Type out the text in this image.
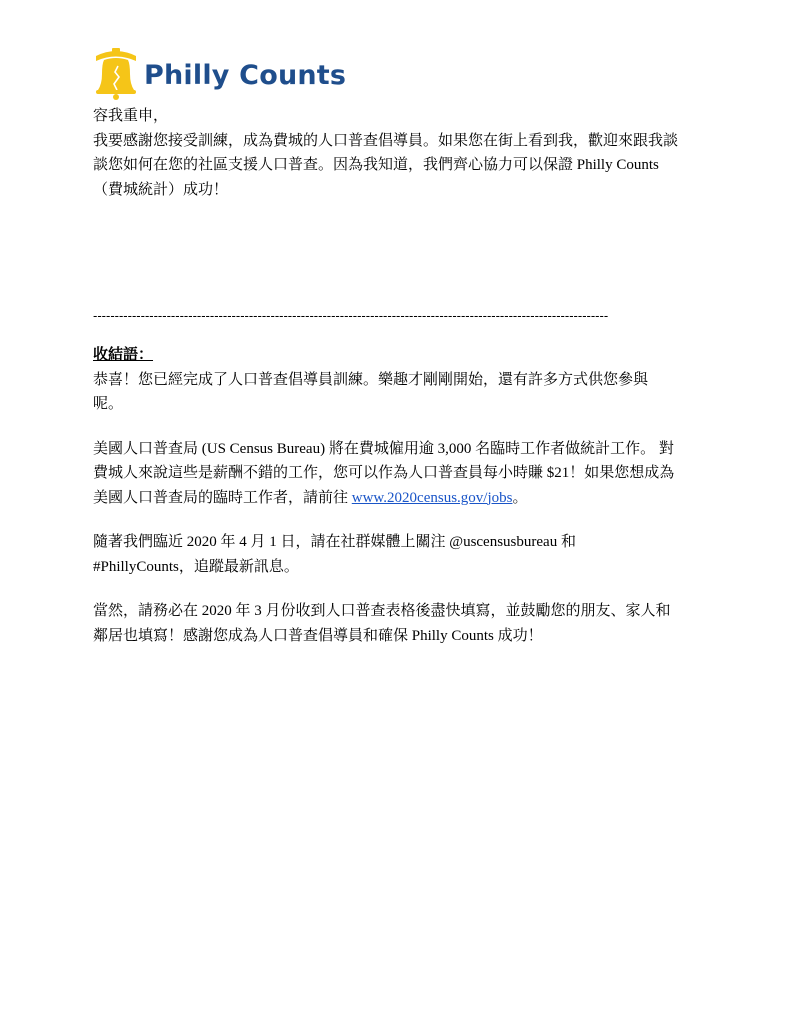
Philly Counts
容我重申，
我要感謝您接受訓練，成為費城的人口普查倡導員。如果您在街上看到我，歡迎來跟我談
談您如何在您的社區支援人口普查。因為我知道，我們齊心協力可以保證 Philly Counts
（費城統計）成功！
-----------------------------------------------------------------------------------------------------------------------
收結語：
恭喜！您已經完成了人口普查倡導員訓練。樂趣才剛剛開始，還有許多方式供您參與
呢。
美國人口普查局 (US Census Bureau) 將在費城僱用逾 3,000 名臨時工作者做統計工作。 對
費城人來說這些是薪酬不錯的工作，您可以作為人口普查員每小時賺 $21！如果您想成為
美國人口普查局的臨時工作者，請前往 www.2020census.gov/jobs。
隨著我們臨近 2020 年 4 月 1 日，請在社群媒體上關注 @uscensusbureau 和
#PhillyCounts，追蹤最新訊息。
當然，請務必在 2020 年 3 月份收到人口普查表格後盡快填寫，並鼓勵您的朋友、家人和
鄰居也填寫！感謝您成為人口普查倡導員和確保 Philly Counts 成功！
